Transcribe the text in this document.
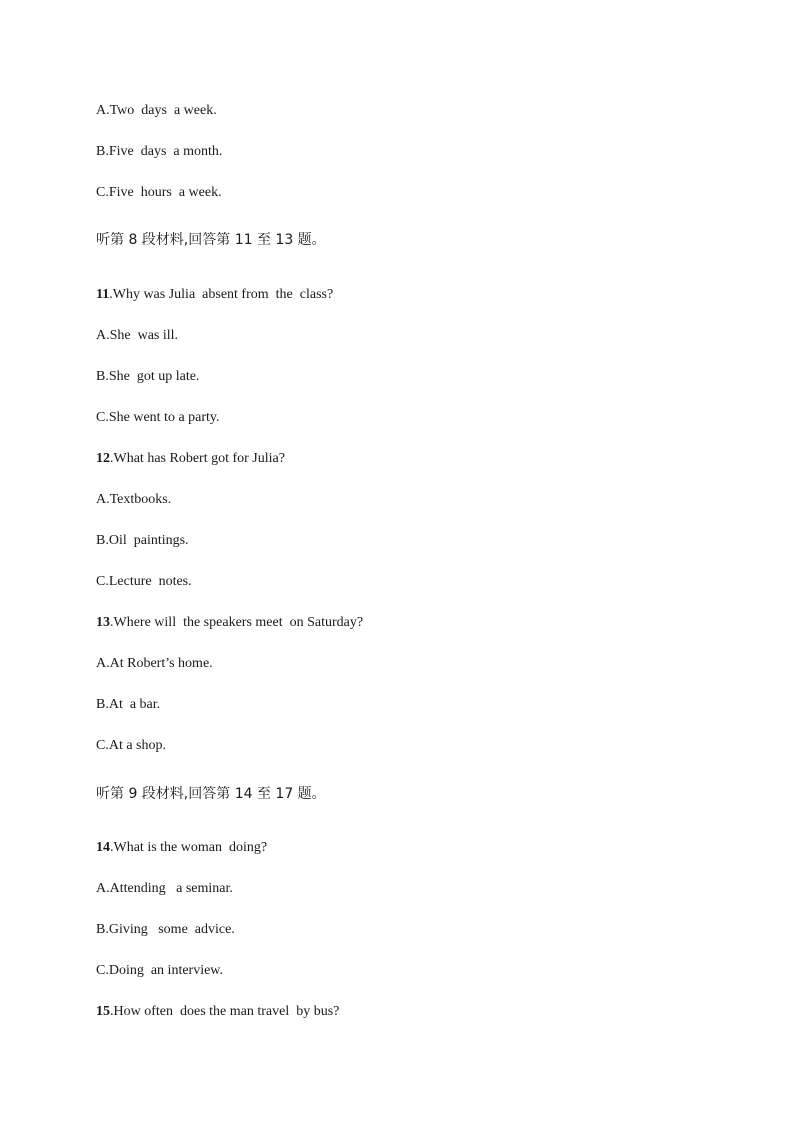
A.Two  days  a week.
B.Five  days  a month.
C.Five  hours  a week.
听第 8 段材料,回答第 11 至 13 题。
11.Why was Julia  absent from  the  class?
A.She  was ill.
B.She  got up late.
C.She went to a party.
12.What has Robert got for Julia?
A.Textbooks.
B.Oil  paintings.
C.Lecture  notes.
13.Where will  the speakers meet  on Saturday?
A.At Robert’s home.
B.At  a bar.
C.At a shop.
听第 9 段材料,回答第 14 至 17 题。
14.What is the woman  doing?
A.Attending   a seminar.
B.Giving   some  advice.
C.Doing  an interview.
15.How often  does the man travel  by bus?
